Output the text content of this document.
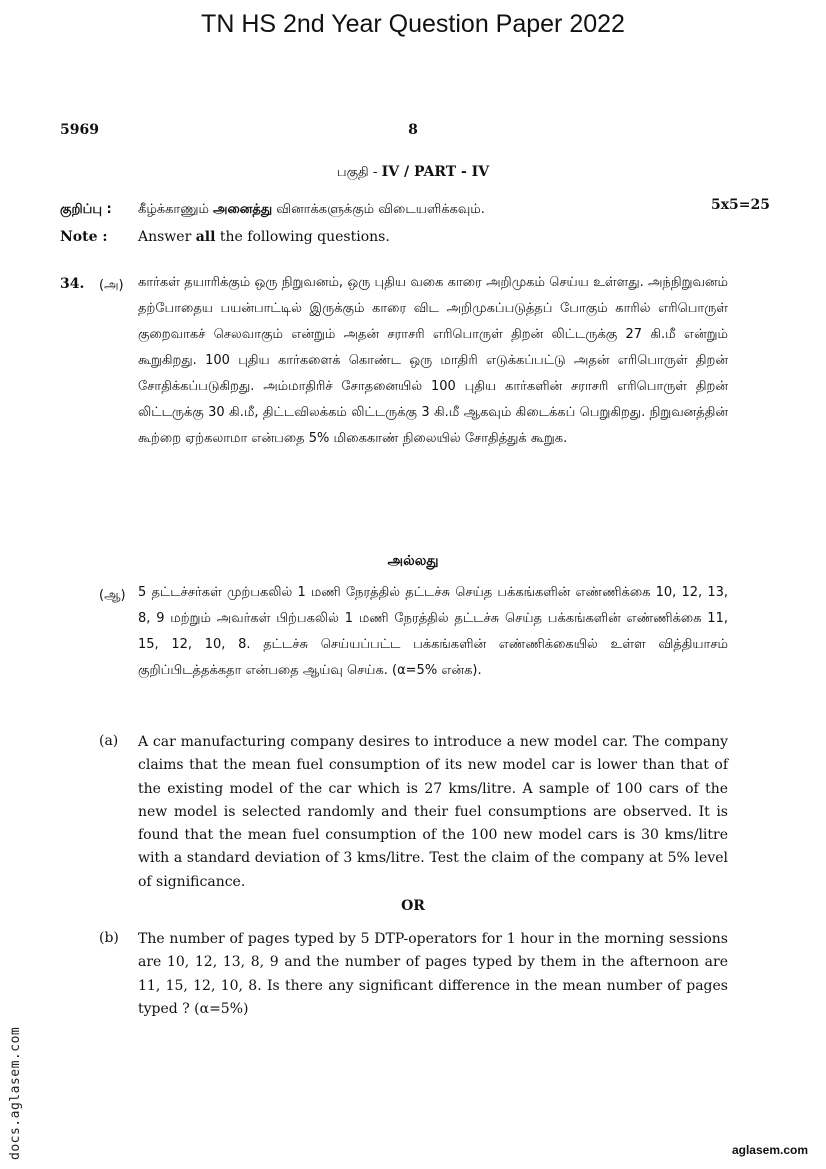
TN HS 2nd Year Question Paper 2022
5969	8
பகுதி - IV / PART - IV
குறிப்பு : கீழ்க்காணும் அனைத்து வினாக்களுக்கும் விடையளிக்கவும்.	5x5=25
Note : Answer all the following questions.
34. (அ) கார்கள் தயாரிக்கும் ஒரு நிறுவனம், ஒரு புதிய வகை காரை அறிமுகம் செய்ய உள்ளது. அந்நிறுவனம் தற்போதைய பயன்பாட்டில் இருக்கும் காரை விட அறிமுகப்படுத்தப் போகும் காரில் எரிபொருள் குறைவாகச் செலவாகும் என்றும் அதன் சராசரி எரிபொருள் திறன் லிட்டருக்கு 27 கி.மீ என்றும் கூறுகிறது. 100 புதிய கார்களைக் கொண்ட ஒரு மாதிரி எடுக்கப்பட்டு அதன் எரிபொருள் திறன் சோதிக்கப்படுகிறது. அம்மாதிரிச் சோதனையில் 100 புதிய கார்களின் சராசரி எரிபொருள் திறன் லிட்டருக்கு 30 கி.மீ, திட்டவிலக்கம் லிட்டருக்கு 3 கி.மீ ஆகவும் கிடைக்கப் பெறுகிறது. நிறுவனத்தின் கூற்றை ஏற்கலாமா என்பதை 5% மிகைகாண் நிலையில் சோதித்துக் கூறுக.
அல்லது
(ஆ) 5 தட்டச்சர்கள் முற்பகலில் 1 மணி நேரத்தில் தட்டச்சு செய்த பக்கங்களின் எண்ணிக்கை 10, 12, 13, 8, 9 மற்றும் அவர்கள் பிற்பகலில் 1 மணி நேரத்தில் தட்டச்சு செய்த பக்கங்களின் எண்ணிக்கை 11, 15, 12, 10, 8. தட்டச்சு செய்யப்பட்ட பக்கங்களின் எண்ணிக்கையில் உள்ள வித்தியாசம் குறிப்பிடத்தக்கதா என்பதை ஆய்வு செய்க. (α=5% என்க).
(a) A car manufacturing company desires to introduce a new model car. The company claims that the mean fuel consumption of its new model car is lower than that of the existing model of the car which is 27 kms/litre. A sample of 100 cars of the new model is selected randomly and their fuel consumptions are observed. It is found that the mean fuel consumption of the 100 new model cars is 30 kms/litre with a standard deviation of 3 kms/litre. Test the claim of the company at 5% level of significance.
OR
(b) The number of pages typed by 5 DTP-operators for 1 hour in the morning sessions are 10, 12, 13, 8, 9 and the number of pages typed by them in the afternoon are 11, 15, 12, 10, 8. Is there any significant difference in the mean number of pages typed ? (α=5%)
docs.aglasem.com	aglasem.com
